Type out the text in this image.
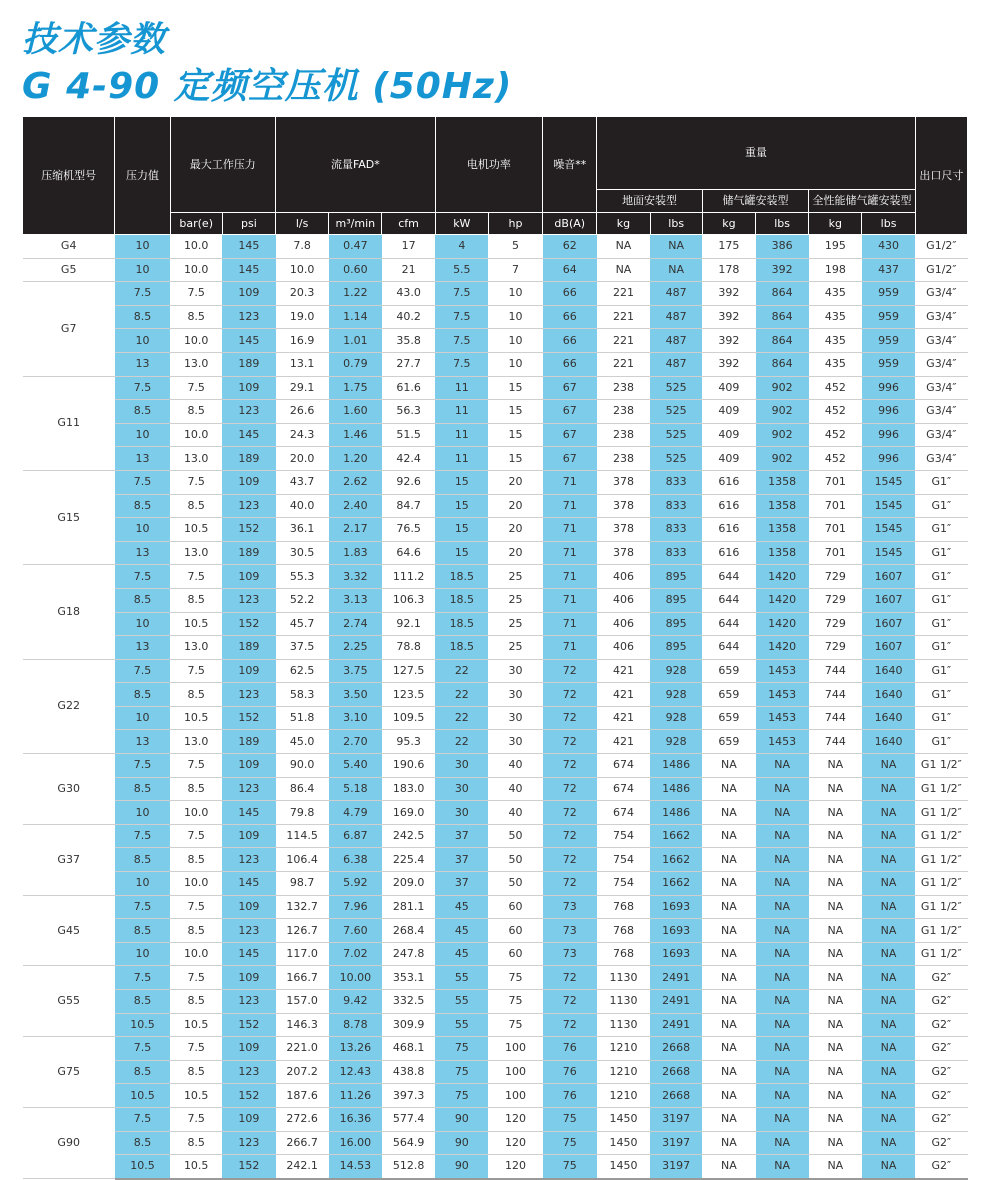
技术参数
G 4-90 定频空压机 (50Hz)
压缩机型号	压力值	最大工作压力		流量FAD*			电机功率		噪音**	重量						出口尺寸
										地面安装型		储气罐安装型		全性能储气罐安装型		
		bar(e)	psi	l/s	m³/min	cfm	kW	hp	dB(A)	kg	lbs	kg	lbs	kg	lbs	
G4	10	10.0	145	7.8	0.47	17	4	5	62	NA	NA	175	386	195	430	G1/2″
G5	10	10.0	145	10.0	0.60	21	5.5	7	64	NA	NA	178	392	198	437	G1/2″
G7	7.5	7.5	109	20.3	1.22	43.0	7.5	10	66	221	487	392	864	435	959	G3/4″
	8.5	8.5	123	19.0	1.14	40.2	7.5	10	66	221	487	392	864	435	959	G3/4″
	10	10.0	145	16.9	1.01	35.8	7.5	10	66	221	487	392	864	435	959	G3/4″
	13	13.0	189	13.1	0.79	27.7	7.5	10	66	221	487	392	864	435	959	G3/4″
G11	7.5	7.5	109	29.1	1.75	61.6	11	15	67	238	525	409	902	452	996	G3/4″
	8.5	8.5	123	26.6	1.60	56.3	11	15	67	238	525	409	902	452	996	G3/4″
	10	10.0	145	24.3	1.46	51.5	11	15	67	238	525	409	902	452	996	G3/4″
	13	13.0	189	20.0	1.20	42.4	11	15	67	238	525	409	902	452	996	G3/4″
G15	7.5	7.5	109	43.7	2.62	92.6	15	20	71	378	833	616	1358	701	1545	G1″
	8.5	8.5	123	40.0	2.40	84.7	15	20	71	378	833	616	1358	701	1545	G1″
	10	10.5	152	36.1	2.17	76.5	15	20	71	378	833	616	1358	701	1545	G1″
	13	13.0	189	30.5	1.83	64.6	15	20	71	378	833	616	1358	701	1545	G1″
G18	7.5	7.5	109	55.3	3.32	111.2	18.5	25	71	406	895	644	1420	729	1607	G1″
	8.5	8.5	123	52.2	3.13	106.3	18.5	25	71	406	895	644	1420	729	1607	G1″
	10	10.5	152	45.7	2.74	92.1	18.5	25	71	406	895	644	1420	729	1607	G1″
	13	13.0	189	37.5	2.25	78.8	18.5	25	71	406	895	644	1420	729	1607	G1″
G22	7.5	7.5	109	62.5	3.75	127.5	22	30	72	421	928	659	1453	744	1640	G1″
	8.5	8.5	123	58.3	3.50	123.5	22	30	72	421	928	659	1453	744	1640	G1″
	10	10.5	152	51.8	3.10	109.5	22	30	72	421	928	659	1453	744	1640	G1″
	13	13.0	189	45.0	2.70	95.3	22	30	72	421	928	659	1453	744	1640	G1″
G30	7.5	7.5	109	90.0	5.40	190.6	30	40	72	674	1486	NA	NA	NA	NA	G1 1/2″
	8.5	8.5	123	86.4	5.18	183.0	30	40	72	674	1486	NA	NA	NA	NA	G1 1/2″
	10	10.0	145	79.8	4.79	169.0	30	40	72	674	1486	NA	NA	NA	NA	G1 1/2″
G37	7.5	7.5	109	114.5	6.87	242.5	37	50	72	754	1662	NA	NA	NA	NA	G1 1/2″
	8.5	8.5	123	106.4	6.38	225.4	37	50	72	754	1662	NA	NA	NA	NA	G1 1/2″
	10	10.0	145	98.7	5.92	209.0	37	50	72	754	1662	NA	NA	NA	NA	G1 1/2″
G45	7.5	7.5	109	132.7	7.96	281.1	45	60	73	768	1693	NA	NA	NA	NA	G1 1/2″
	8.5	8.5	123	126.7	7.60	268.4	45	60	73	768	1693	NA	NA	NA	NA	G1 1/2″
	10	10.0	145	117.0	7.02	247.8	45	60	73	768	1693	NA	NA	NA	NA	G1 1/2″
G55	7.5	7.5	109	166.7	10.00	353.1	55	75	72	1130	2491	NA	NA	NA	NA	G2″
	8.5	8.5	123	157.0	9.42	332.5	55	75	72	1130	2491	NA	NA	NA	NA	G2″
	10.5	10.5	152	146.3	8.78	309.9	55	75	72	1130	2491	NA	NA	NA	NA	G2″
G75	7.5	7.5	109	221.0	13.26	468.1	75	100	76	1210	2668	NA	NA	NA	NA	G2″
	8.5	8.5	123	207.2	12.43	438.8	75	100	76	1210	2668	NA	NA	NA	NA	G2″
	10.5	10.5	152	187.6	11.26	397.3	75	100	76	1210	2668	NA	NA	NA	NA	G2″
G90	7.5	7.5	109	272.6	16.36	577.4	90	120	75	1450	3197	NA	NA	NA	NA	G2″
	8.5	8.5	123	266.7	16.00	564.9	90	120	75	1450	3197	NA	NA	NA	NA	G2″
	10.5	10.5	152	242.1	14.53	512.8	90	120	75	1450	3197	NA	NA	NA	NA	G2″
